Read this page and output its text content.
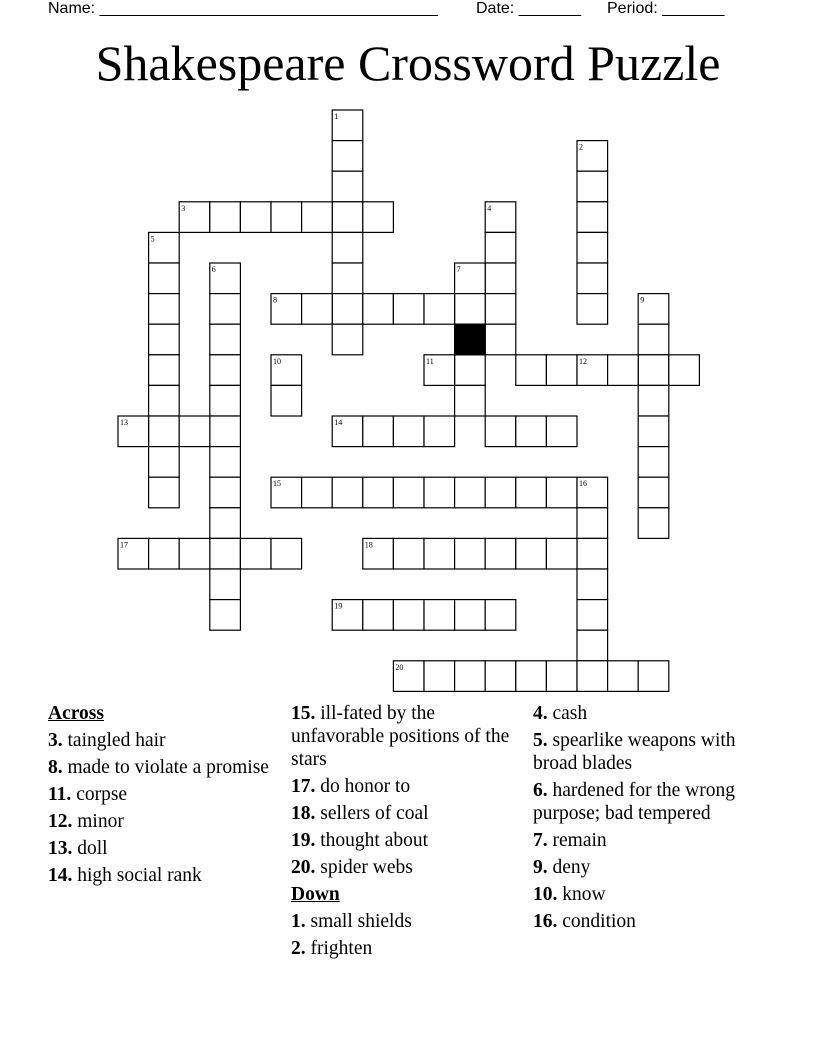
Name: ______________________________________ Date: _______ Period: _______
Shakespeare Crossword Puzzle
1
2
3	4
5
6	7
8	9
10	11	12
13	14
15	16
17	18
19
20
Across
3. taingled hair
8. made to violate a promise
11. corpse
12. minor
13. doll
14. high social rank
15. ill-fated by the unfavorable positions of the stars
17. do honor to
18. sellers of coal
19. thought about
20. spider webs
Down
1. small shields
2. frighten
4. cash
5. spearlike weapons with broad blades
6. hardened for the wrong purpose; bad tempered
7. remain
9. deny
10. know
16. condition
